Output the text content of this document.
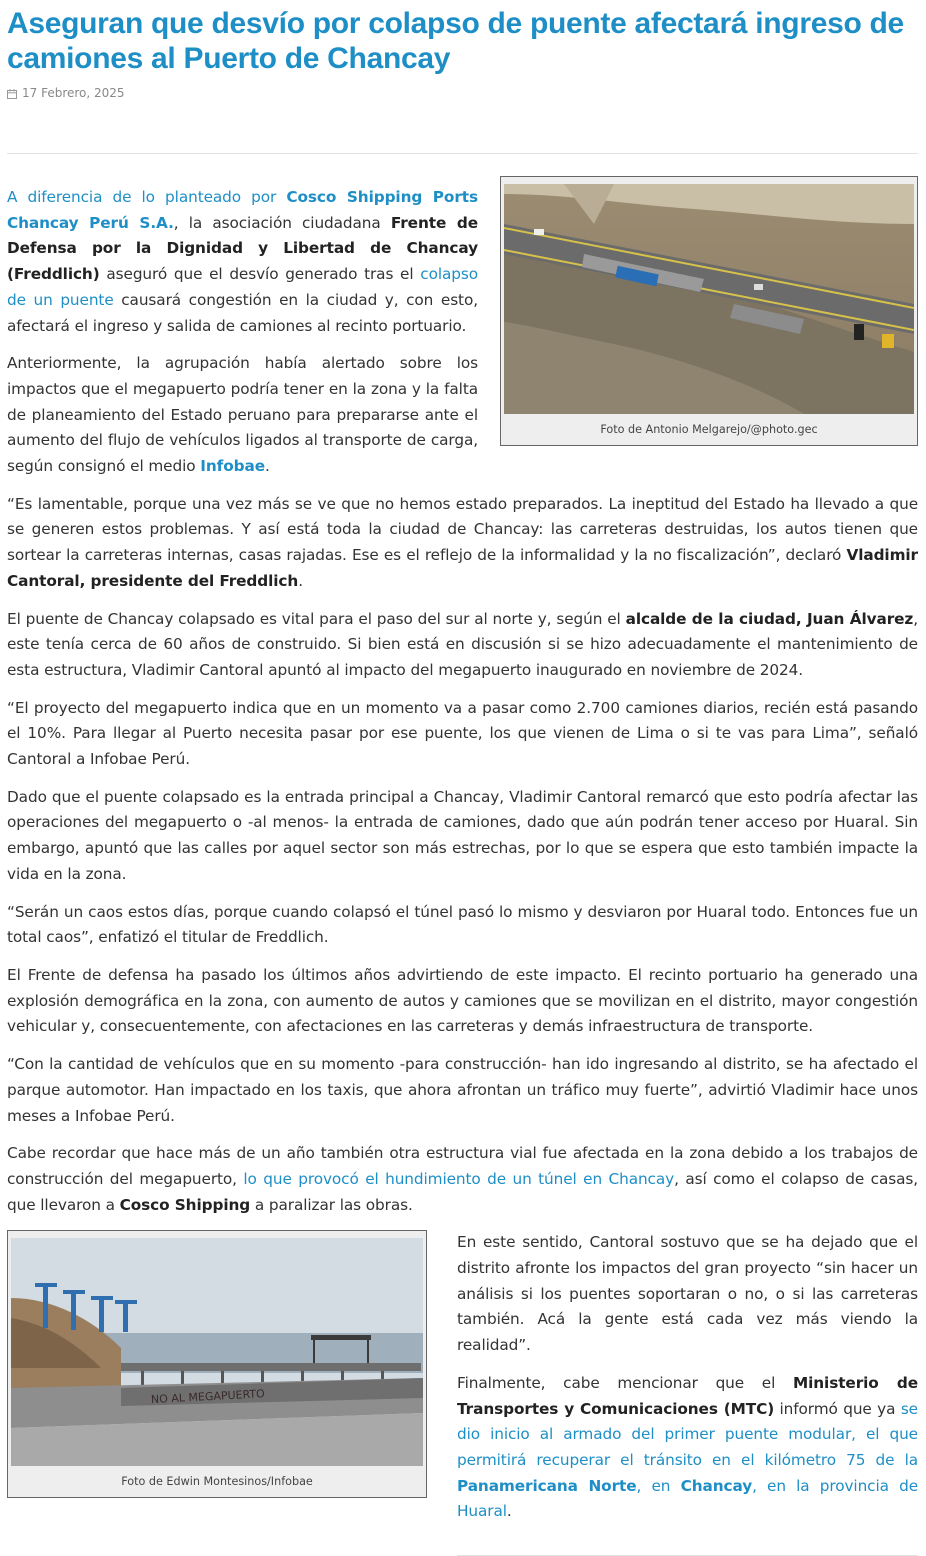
Aseguran que desvío por colapso de puente afectará ingreso de camiones al Puerto de Chancay
17 Febrero, 2025
Foto de Antonio Melgarejo/@photo.gec

A diferencia de lo planteado por Cosco Shipping Ports Chancay Perú S.A., la asociación ciudadana Frente de Defensa por la Dignidad y Libertad de Chancay (Freddlich) aseguró que el desvío generado tras el colapso de un puente causará congestión en la ciudad y, con esto, afectará el ingreso y salida de camiones al recinto portuario.

Anteriormente, la agrupación había alertado sobre los impactos que el megapuerto podría tener en la zona y la falta de planeamiento del Estado peruano para prepararse ante el aumento del flujo de vehículos ligados al transporte de carga, según consignó el medio Infobae.

“Es lamentable, porque una vez más se ve que no hemos estado preparados. La ineptitud del Estado ha llevado a que se generen estos problemas. Y así está toda la ciudad de Chancay: las carreteras destruidas, los autos tienen que sortear la carreteras internas, casas rajadas. Ese es el reflejo de la informalidad y la no fiscalización”, declaró Vladimir Cantoral, presidente del Freddlich.

El puente de Chancay colapsado es vital para el paso del sur al norte y, según el alcalde de la ciudad, Juan Álvarez, este tenía cerca de 60 años de construido. Si bien está en discusión si se hizo adecuadamente el mantenimiento de esta estructura, Vladimir Cantoral apuntó al impacto del megapuerto inaugurado en noviembre de 2024.

“El proyecto del megapuerto indica que en un momento va a pasar como 2.700 camiones diarios, recién está pasando el 10%. Para llegar al Puerto necesita pasar por ese puente, los que vienen de Lima o si te vas para Lima”, señaló Cantoral a Infobae Perú.

Dado que el puente colapsado es la entrada principal a Chancay, Vladimir Cantoral remarcó que esto podría afectar las operaciones del megapuerto o -al menos- la entrada de camiones, dado que aún podrán tener acceso por Huaral. Sin embargo, apuntó que las calles por aquel sector son más estrechas, por lo que se espera que esto también impacte la vida en la zona.

“Serán un caos estos días, porque cuando colapsó el túnel pasó lo mismo y desviaron por Huaral todo. Entonces fue un total caos”, enfatizó el titular de Freddlich.

El Frente de defensa ha pasado los últimos años advirtiendo de este impacto. El recinto portuario ha generado una explosión demográfica en la zona, con aumento de autos y camiones que se movilizan en el distrito, mayor congestión vehicular y, consecuentemente, con afectaciones en las carreteras y demás infraestructura de transporte.

“Con la cantidad de vehículos que en su momento -para construcción- han ido ingresando al distrito, se ha afectado el parque automotor. Han impactado en los taxis, que ahora afrontan un tráfico muy fuerte”, advirtió Vladimir hace unos meses a Infobae Perú.

Cabe recordar que hace más de un año también otra estructura vial fue afectada en la zona debido a los trabajos de construcción del megapuerto, lo que provocó el hundimiento de un túnel en Chancay, así como el colapso de casas, que llevaron a Cosco Shipping a paralizar las obras.

NO AL MEGAPUERTO
Foto de Edwin Montesinos/Infobae

En este sentido, Cantoral sostuvo que se ha dejado que el distrito afronte los impactos del gran proyecto “sin hacer un análisis si los puentes soportaran o no, o si las carreteras también. Acá la gente está cada vez más viendo la realidad”.

Finalmente, cabe mencionar que el Ministerio de Transportes y Comunicaciones (MTC) informó que ya se dio inicio al armado del primer puente modular, el que permitirá recuperar el tránsito en el kilómetro 75 de la Panamericana Norte, en Chancay, en la provincia de Huaral.
